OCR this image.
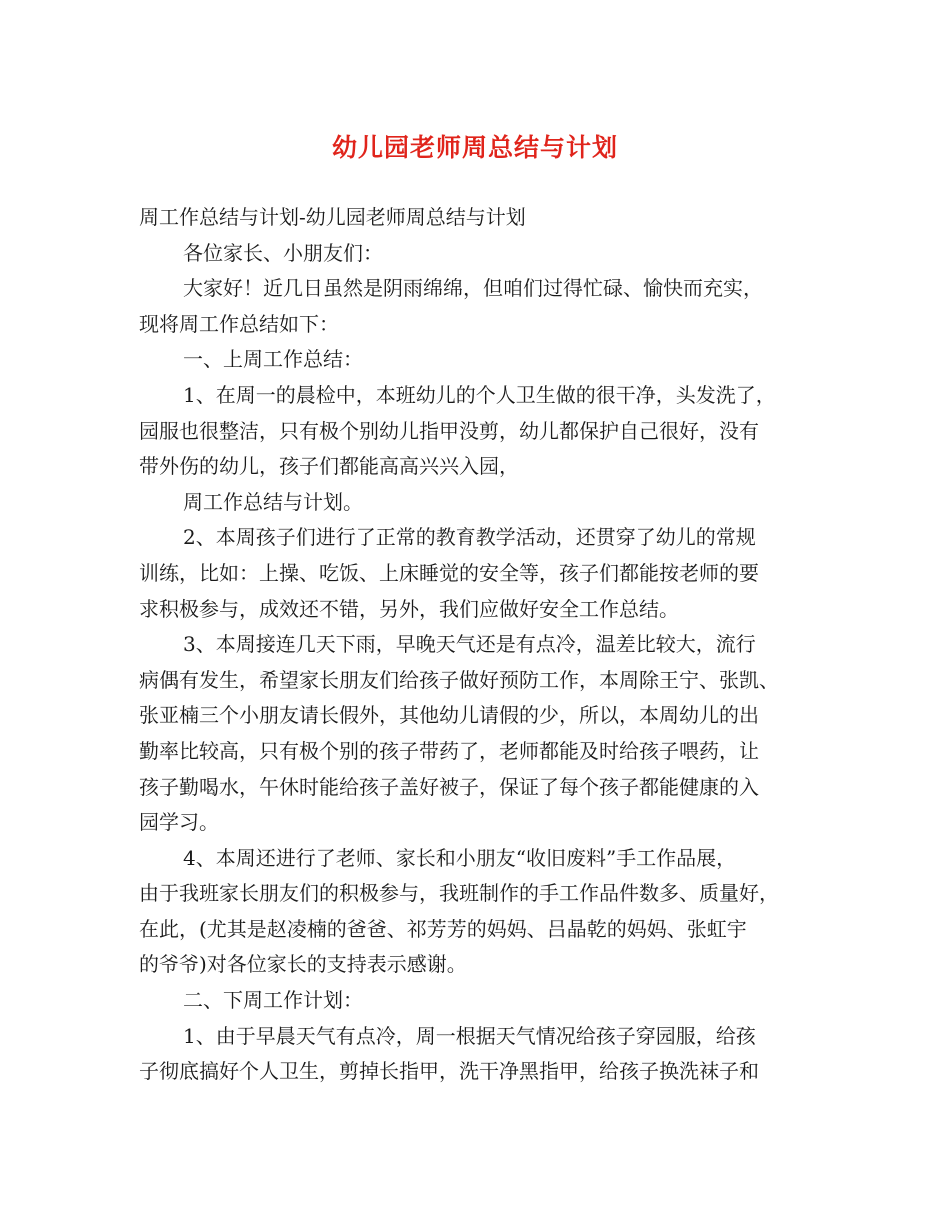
幼儿园老师周总结与计划
周工作总结与计划-幼儿园老师周总结与计划
各位家长、小朋友们：
大家好！近几日虽然是阴雨绵绵，但咱们过得忙碌、愉快而充实，
现将周工作总结如下：
一、上周工作总结：
1、在周一的晨检中，本班幼儿的个人卫生做的很干净，头发洗了，
园服也很整洁，只有极个别幼儿指甲没剪，幼儿都保护自己很好，没有
带外伤的幼儿，孩子们都能高高兴兴入园，
周工作总结与计划。
2、本周孩子们进行了正常的教育教学活动，还贯穿了幼儿的常规
训练，比如：上操、吃饭、上床睡觉的安全等，孩子们都能按老师的要
求积极参与，成效还不错，另外，我们应做好安全工作总结。
3、本周接连几天下雨，早晚天气还是有点冷，温差比较大，流行
病偶有发生，希望家长朋友们给孩子做好预防工作，本周除王宁、张凯、
张亚楠三个小朋友请长假外，其他幼儿请假的少，所以，本周幼儿的出
勤率比较高，只有极个别的孩子带药了，老师都能及时给孩子喂药，让
孩子勤喝水，午休时能给孩子盖好被子，保证了每个孩子都能健康的入
园学习。
4、本周还进行了老师、家长和小朋友“收旧废料”手工作品展，
由于我班家长朋友们的积极参与，我班制作的手工作品件数多、质量好，
在此，(尤其是赵凌楠的爸爸、祁芳芳的妈妈、吕晶乾的妈妈、张虹宇
的爷爷)对各位家长的支持表示感谢。
二、下周工作计划：
1、由于早晨天气有点冷，周一根据天气情况给孩子穿园服，给孩
子彻底搞好个人卫生，剪掉长指甲，洗干净黑指甲，给孩子换洗袜子和
